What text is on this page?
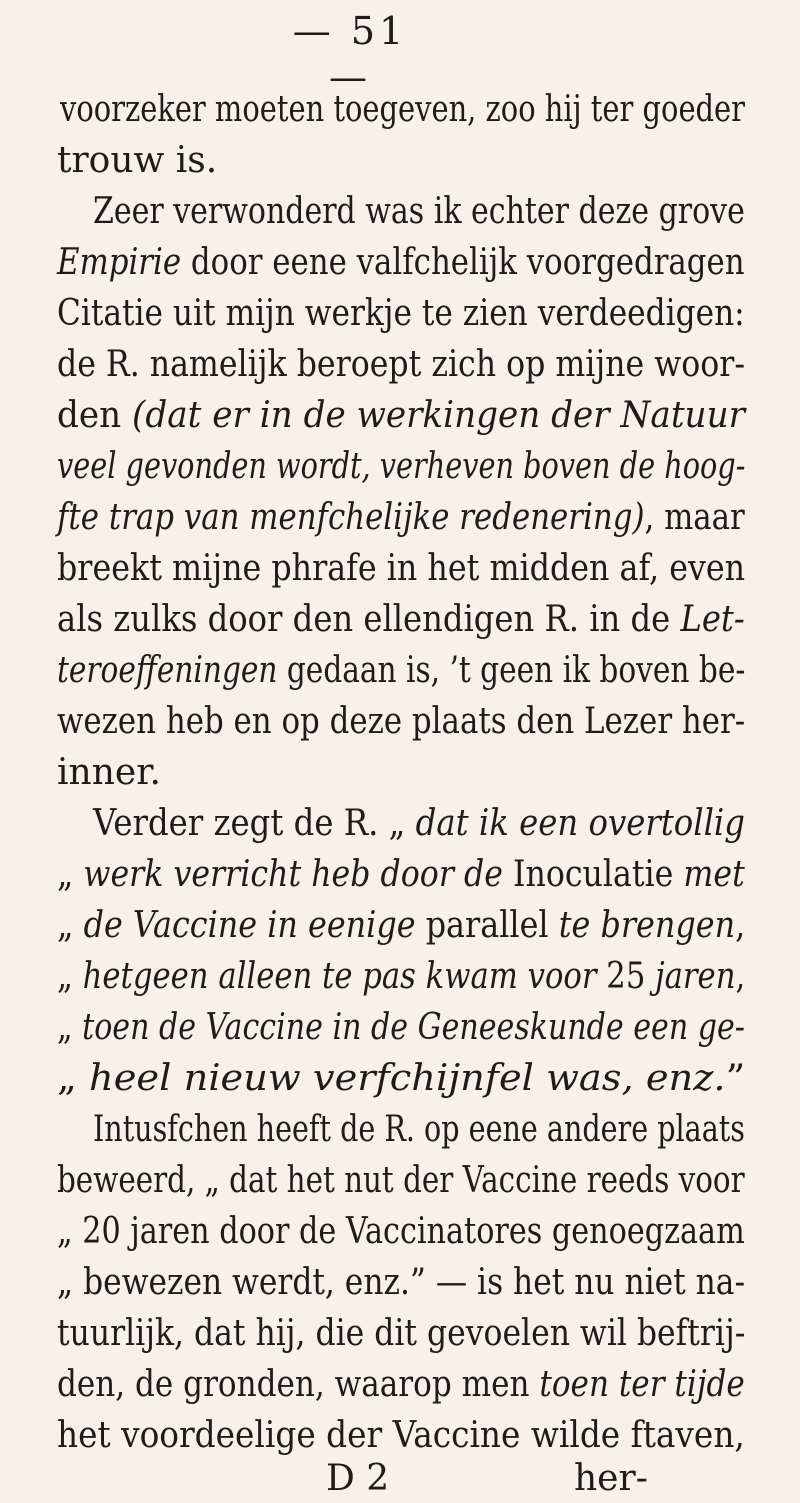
— 51 —
voorzeker moeten toegeven, zoo hij ter goeder
trouw is.
Zeer verwonderd was ik echter deze grove
Empirie door eene valfchelijk voorgedragen
Citatie uit mijn werkje te zien verdeedigen:
de R. namelijk beroept zich op mijne woor-
den (dat er in de werkingen der Natuur
veel gevonden wordt, verheven boven de hoog-
fte trap van menfchelijke redenering), maar
breekt mijne phrafe in het midden af, even
als zulks door den ellendigen R. in de Let-
teroeffeningen gedaan is, ’t geen ik boven be-
wezen heb en op deze plaats den Lezer her-
inner.
Verder zegt de R. „ dat ik een overtollig
„ werk verricht heb door de Inoculatie met
„ de Vaccine in eenige parallel te brengen,
„ hetgeen alleen te pas kwam voor 25 jaren,
„ toen de Vaccine in de Geneeskunde een ge-
„ heel nieuw verfchijnfel was, enz.”
Intusfchen heeft de R. op eene andere plaats
beweerd, „ dat het nut der Vaccine reeds voor
„ 20 jaren door de Vaccinatores genoegzaam
„ bewezen werdt, enz.” — is het nu niet na-
tuurlijk, dat hij, die dit gevoelen wil beftrij-
den, de gronden, waarop men toen ter tijde
het voordeelige der Vaccine wilde ftaven,
D 2	her-
